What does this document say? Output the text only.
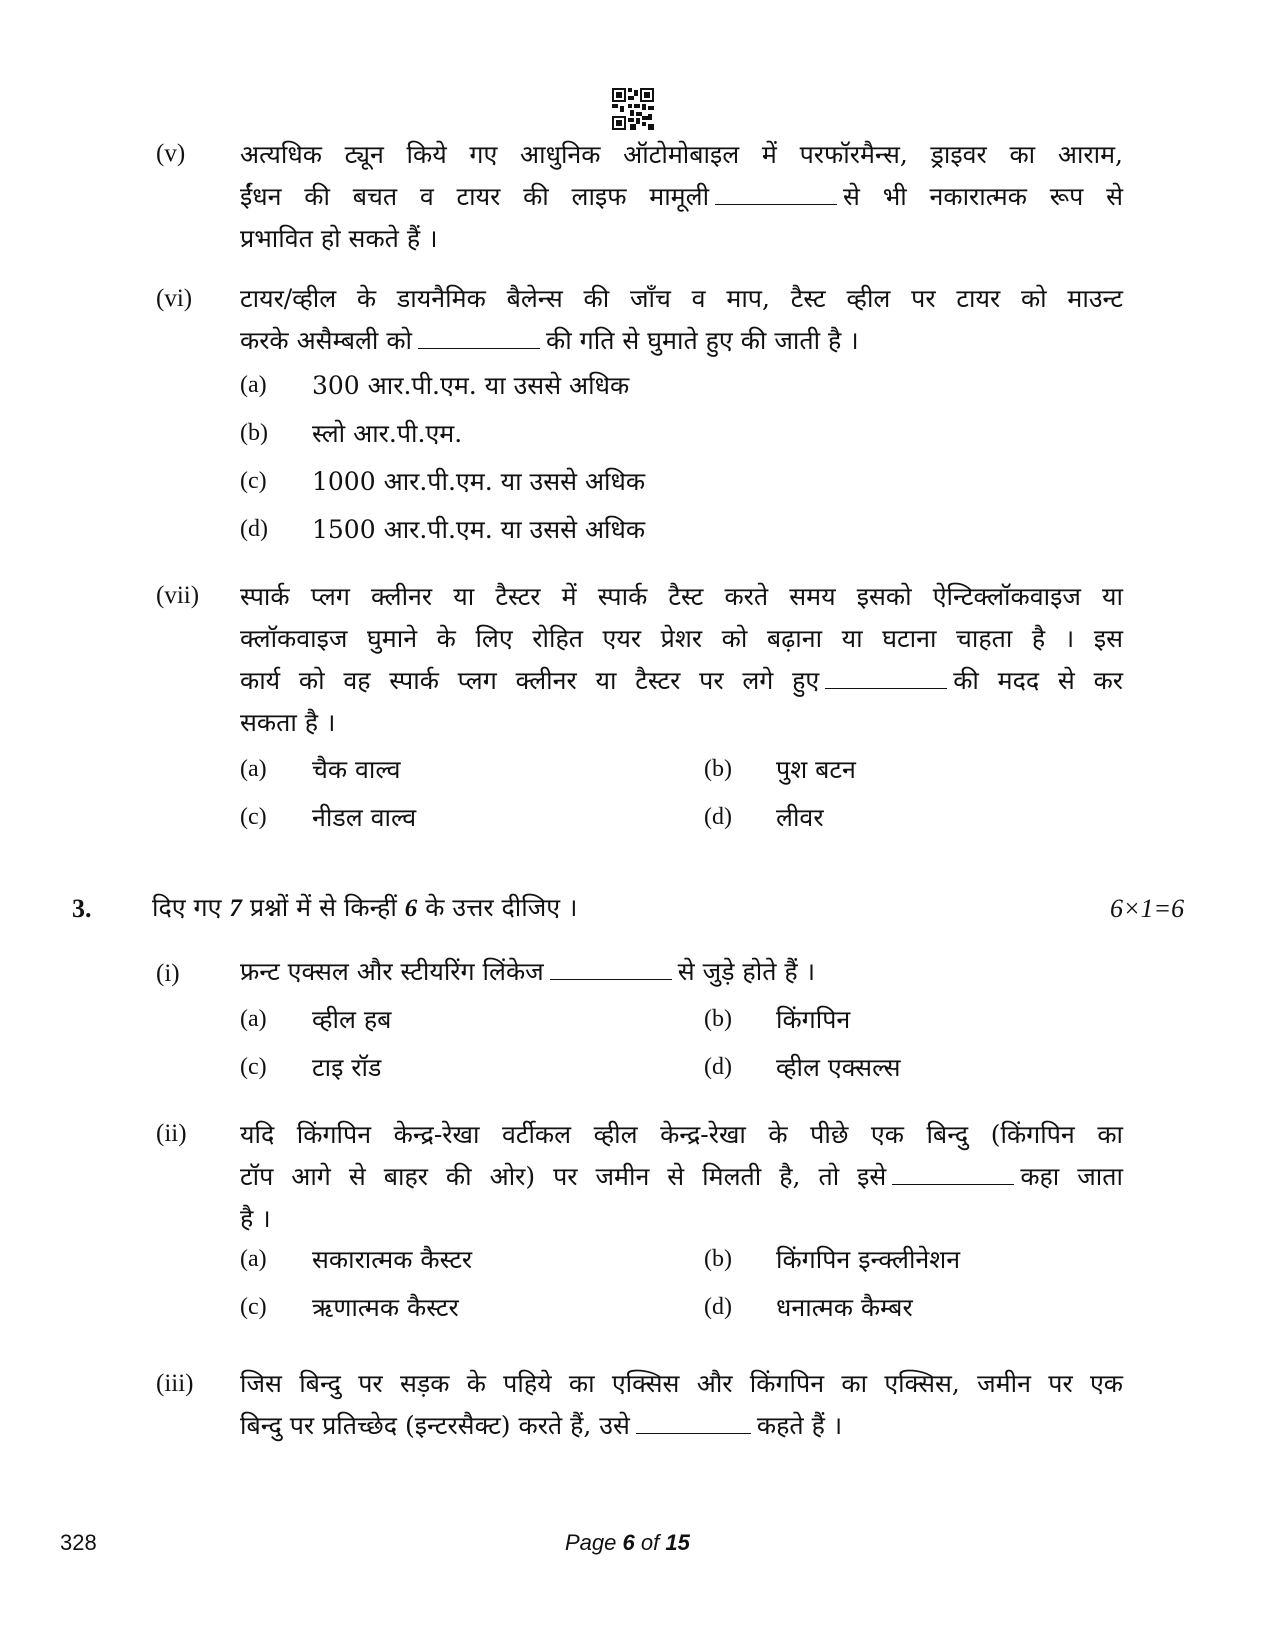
(v) अत्यधिक ट्यून किये गए आधुनिक ऑटोमोबाइल में परफॉरमैन्स, ड्राइवर का आराम,
ईंधन की बचत व टायर की लाइफ मामूली	से भी नकारात्मक रूप से
प्रभावित हो सकते हैं ।
(vi) टायर/व्हील के डायनैमिक बैलेन्स की जाँच व माप, टैस्ट व्हील पर टायर को माउन्ट
करके असैम्बली को	की गति से घुमाते हुए की जाती है ।
(a) 300 आर.पी.एम. या उससे अधिक
(b) स्लो आर.पी.एम.
(c) 1000 आर.पी.एम. या उससे अधिक
(d) 1500 आर.पी.एम. या उससे अधिक
(vii) स्पार्क प्लग क्लीनर या टैस्टर में स्पार्क टैस्ट करते समय इसको ऐन्टिक्लॉकवाइज या
क्लॉकवाइज घुमाने के लिए रोहित एयर प्रेशर को बढ़ाना या घटाना चाहता है । इस
कार्य को वह स्पार्क प्लग क्लीनर या टैस्टर पर लगे हुए	की मदद से कर
सकता है ।
(a) चैक वाल्व	(b) पुश बटन
(c) नीडल वाल्व	(d) लीवर
3. दिए गए 7 प्रश्नों में से किन्हीं 6 के उत्तर दीजिए ।	6×1=6
(i) फ्रन्ट एक्सल और स्टीयरिंग लिंकेज	से जुड़े होते हैं ।
(a) व्हील हब	(b) किंगपिन
(c) टाइ रॉड	(d) व्हील एक्सल्स
(ii) यदि किंगपिन केन्द्र-रेखा वर्टीकल व्हील केन्द्र-रेखा के पीछे एक बिन्दु (किंगपिन का
टॉप आगे से बाहर की ओर) पर जमीन से मिलती है, तो इसे	कहा जाता
है ।
(a) सकारात्मक कैस्टर	(b) किंगपिन इन्क्लीनेशन
(c) ऋणात्मक कैस्टर	(d) धनात्मक कैम्बर
(iii) जिस बिन्दु पर सड़क के पहिये का एक्सिस और किंगपिन का एक्सिस, जमीन पर एक
बिन्दु पर प्रतिच्छेद (इन्टरसैक्ट) करते हैं, उसे	कहते हैं ।
328	Page 6 of 15
